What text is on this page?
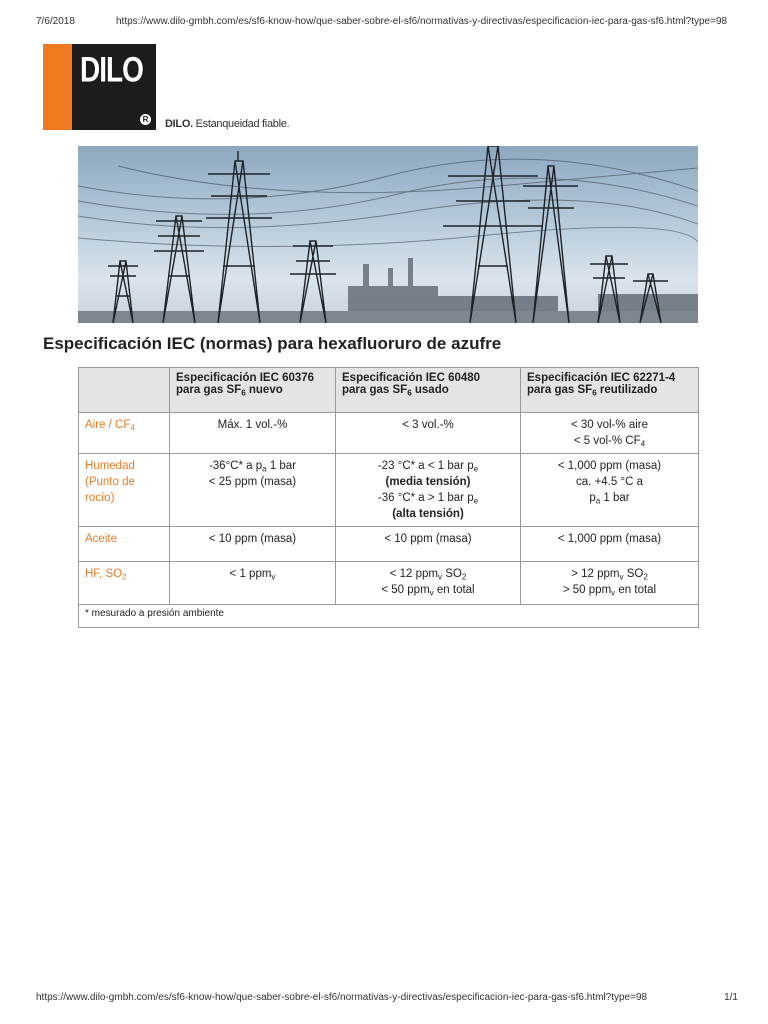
7/6/2018	https://www.dilo-gmbh.com/es/sf6-know-how/que-saber-sobre-el-sf6/normativas-y-directivas/especificacion-iec-para-gas-sf6.html?type=98
DILO
R DILO. Estanqueidad fiable.
Especificación IEC (normas) para hexafluoruro de azufre

	Especificación IEC 60376
para gas $SF_6$ nuevo	Especificación IEC 60480
para gas $SF_6$ usado	Especificación IEC 62271-4
para gas $SF_6$ reutilizado

Aire / $CF_4$	Máx. 1 vol.-%	< 3 vol.-%	< 30 vol-% aire
< 5 vol-% $CF_4$

Humedad
(Punto de
rocío)	-36°C* a $p_a$ 1 bar
< 25 ppm (masa)	-23 °C* a < 1 bar $p_e$
(media tensión)
-36 °C* a > 1 bar $p_e$
(alta tensión)	< 1,000 ppm (masa)
ca. +4.5 °C a
$p_a$ 1 bar

Aceite	< 10 ppm (masa)	< 10 ppm (masa)	< 1,000 ppm (masa)
HF, $SO_2$	< 1 ppm$_v$	< 12 ppm$_v$ $SO_2$
< 50 ppm$_v$ en total	> 12 ppm$_v$ $SO_2$
> 50 ppm$_v$ en total

* mesurado a presión ambiente			
https://www.dilo-gmbh.com/es/sf6-know-how/que-saber-sobre-el-sf6/normativas-y-directivas/especificacion-iec-para-gas-sf6.html?type=98	1/1
